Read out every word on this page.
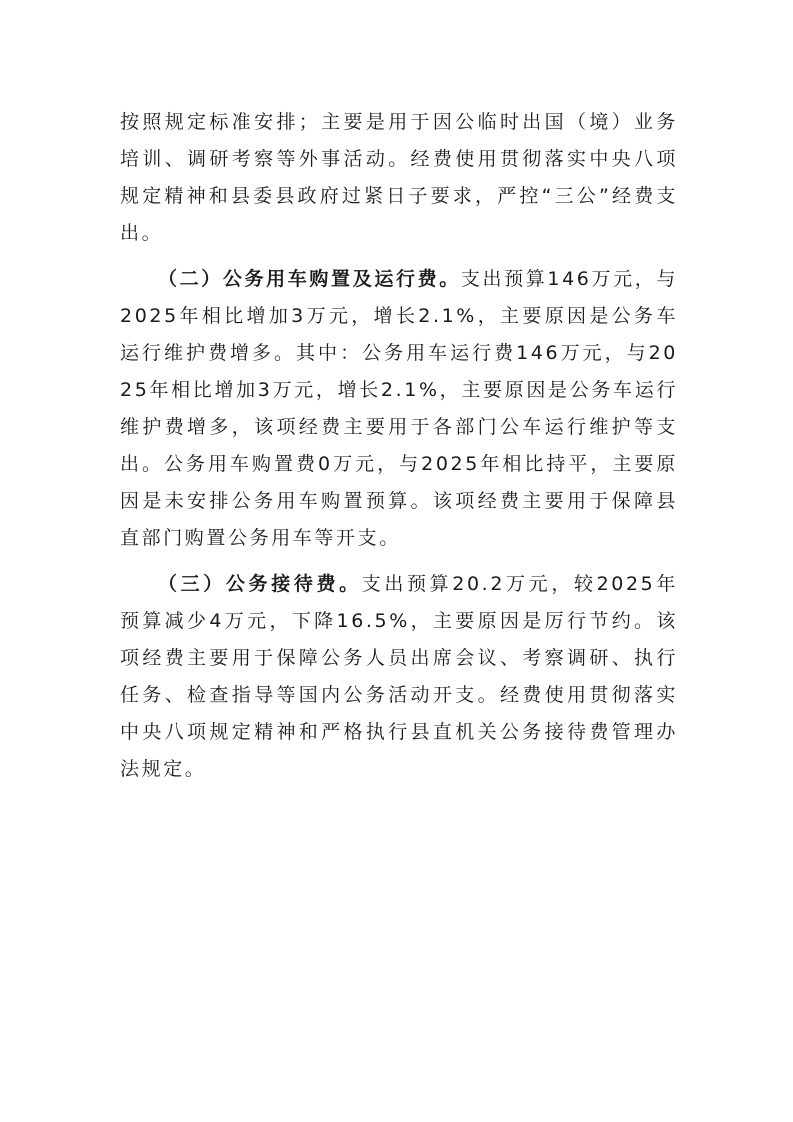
按照规定标准安排；主要是用于因公临时出国（境）业务培训、调研考察等外事活动。经费使用贯彻落实中央八项规定精神和县委县政府过紧日子要求，严控“三公”经费支出。

（二）公务用车购置及运行费。支出预算146万元，与2025年相比增加3万元，增长2.1%，主要原因是公务车运行维护费增多。其中：公务用车运行费146万元，与2025年相比增加3万元，增长2.1%，主要原因是公务车运行维护费增多，该项经费主要用于各部门公车运行维护等支出。公务用车购置费0万元，与2025年相比持平，主要原因是未安排公务用车购置预算。该项经费主要用于保障县直部门购置公务用车等开支。

（三）公务接待费。支出预算20.2万元，较2025年预算减少4万元，下降16.5%，主要原因是厉行节约。该项经费主要用于保障公务人员出席会议、考察调研、执行任务、检查指导等国内公务活动开支。经费使用贯彻落实中央八项规定精神和严格执行县直机关公务接待费管理办法规定。
